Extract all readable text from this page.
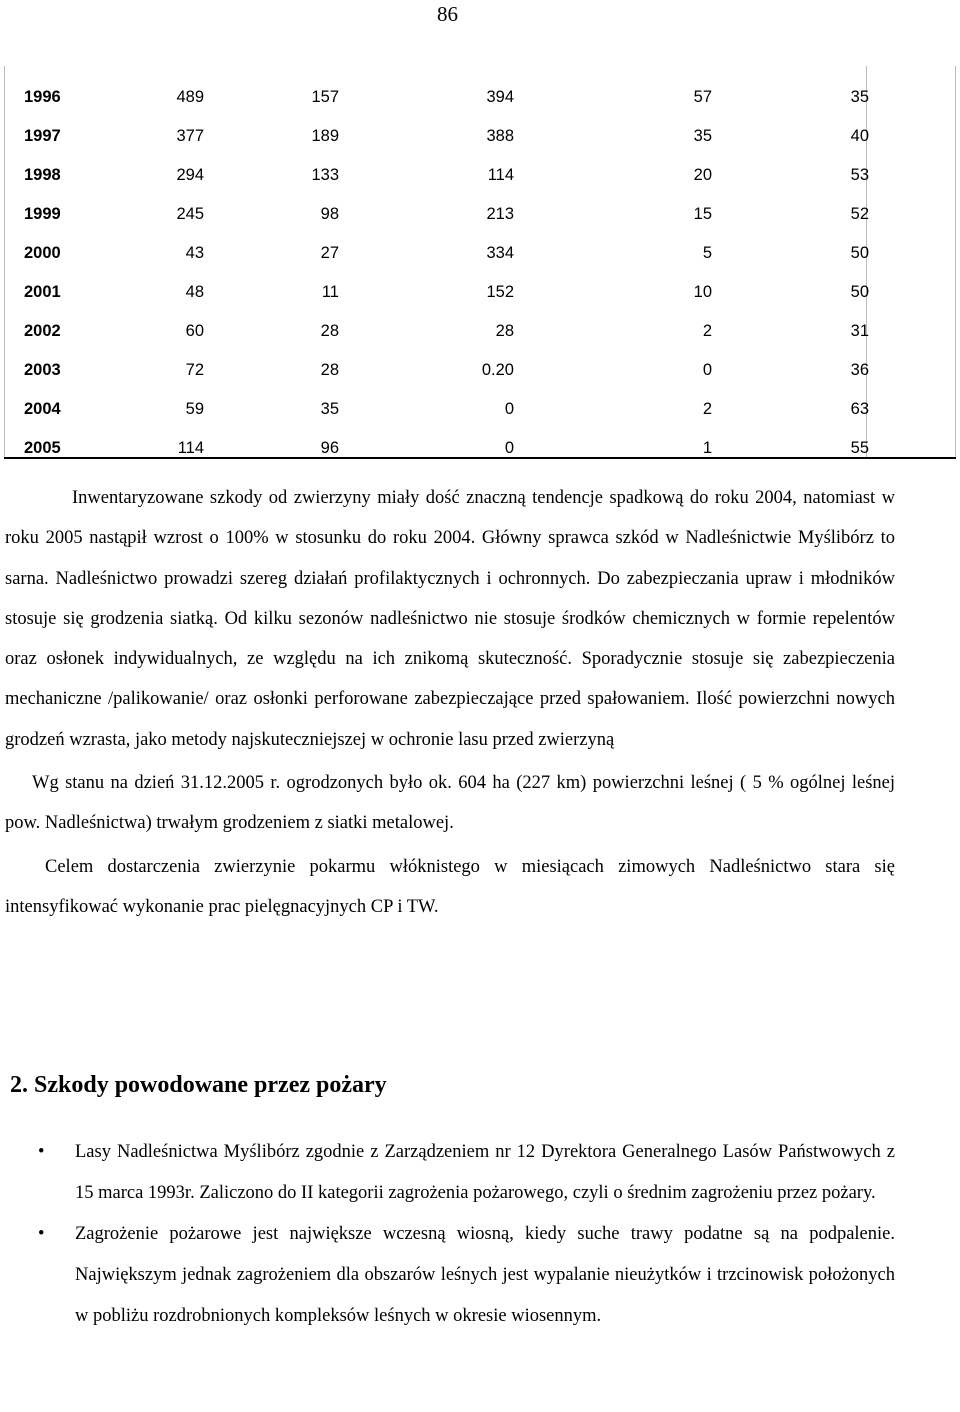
86
1996	489	157	394	57	35
1997	377	189	388	35	40
1998	294	133	114	20	53
1999	245	98	213	15	52
2000	43	27	334	5	50
2001	48	11	152	10	50
2002	60	28	28	2	31
2003	72	28	0.20	0	36
2004	59	35	0	2	63
2005	114	96	0	1	55

Inwentaryzowane szkody od zwierzyny miały dość znaczną tendencje spadkową do roku 2004, natomiast w roku 2005 nastąpił wzrost o 100% w stosunku do roku 2004. Główny sprawca szkód w Nadleśnictwie Myślibórz to sarna. Nadleśnictwo prowadzi szereg działań profilaktycznych i ochronnych. Do zabezpieczania upraw i młodników stosuje się grodzenia siatką. Od kilku sezonów nadleśnictwo nie stosuje środków chemicznych w formie repelentów oraz osłonek indywidualnych, ze względu na ich znikomą skuteczność. Sporadycznie stosuje się zabezpieczenia mechaniczne /palikowanie/ oraz osłonki perforowane zabezpieczające przed spałowaniem. Ilość powierzchni nowych grodzeń wzrasta, jako metody najskuteczniejszej w ochronie lasu przed zwierzyną

Wg stanu na dzień 31.12.2005 r. ogrodzonych było ok. 604 ha (227 km) powierzchni leśnej ( 5 % ogólnej leśnej pow. Nadleśnictwa) trwałym grodzeniem z siatki metalowej.

Celem dostarczenia zwierzynie pokarmu włóknistego w miesiącach zimowych Nadleśnictwo stara się intensyfikować wykonanie prac pielęgnacyjnych CP i TW.

2. Szkody powodowane przez pożary
• Lasy Nadleśnictwa Myślibórz zgodnie z Zarządzeniem nr 12 Dyrektora Generalnego Lasów Państwowych z 15 marca 1993r. Zaliczono do II kategorii zagrożenia pożarowego, czyli o średnim zagrożeniu przez pożary.
• Zagrożenie pożarowe jest największe wczesną wiosną, kiedy suche trawy podatne są na podpalenie. Największym jednak zagrożeniem dla obszarów leśnych jest wypalanie nieużytków i trzcinowisk położonych w pobliżu rozdrobnionych kompleksów leśnych w okresie wiosennym.
